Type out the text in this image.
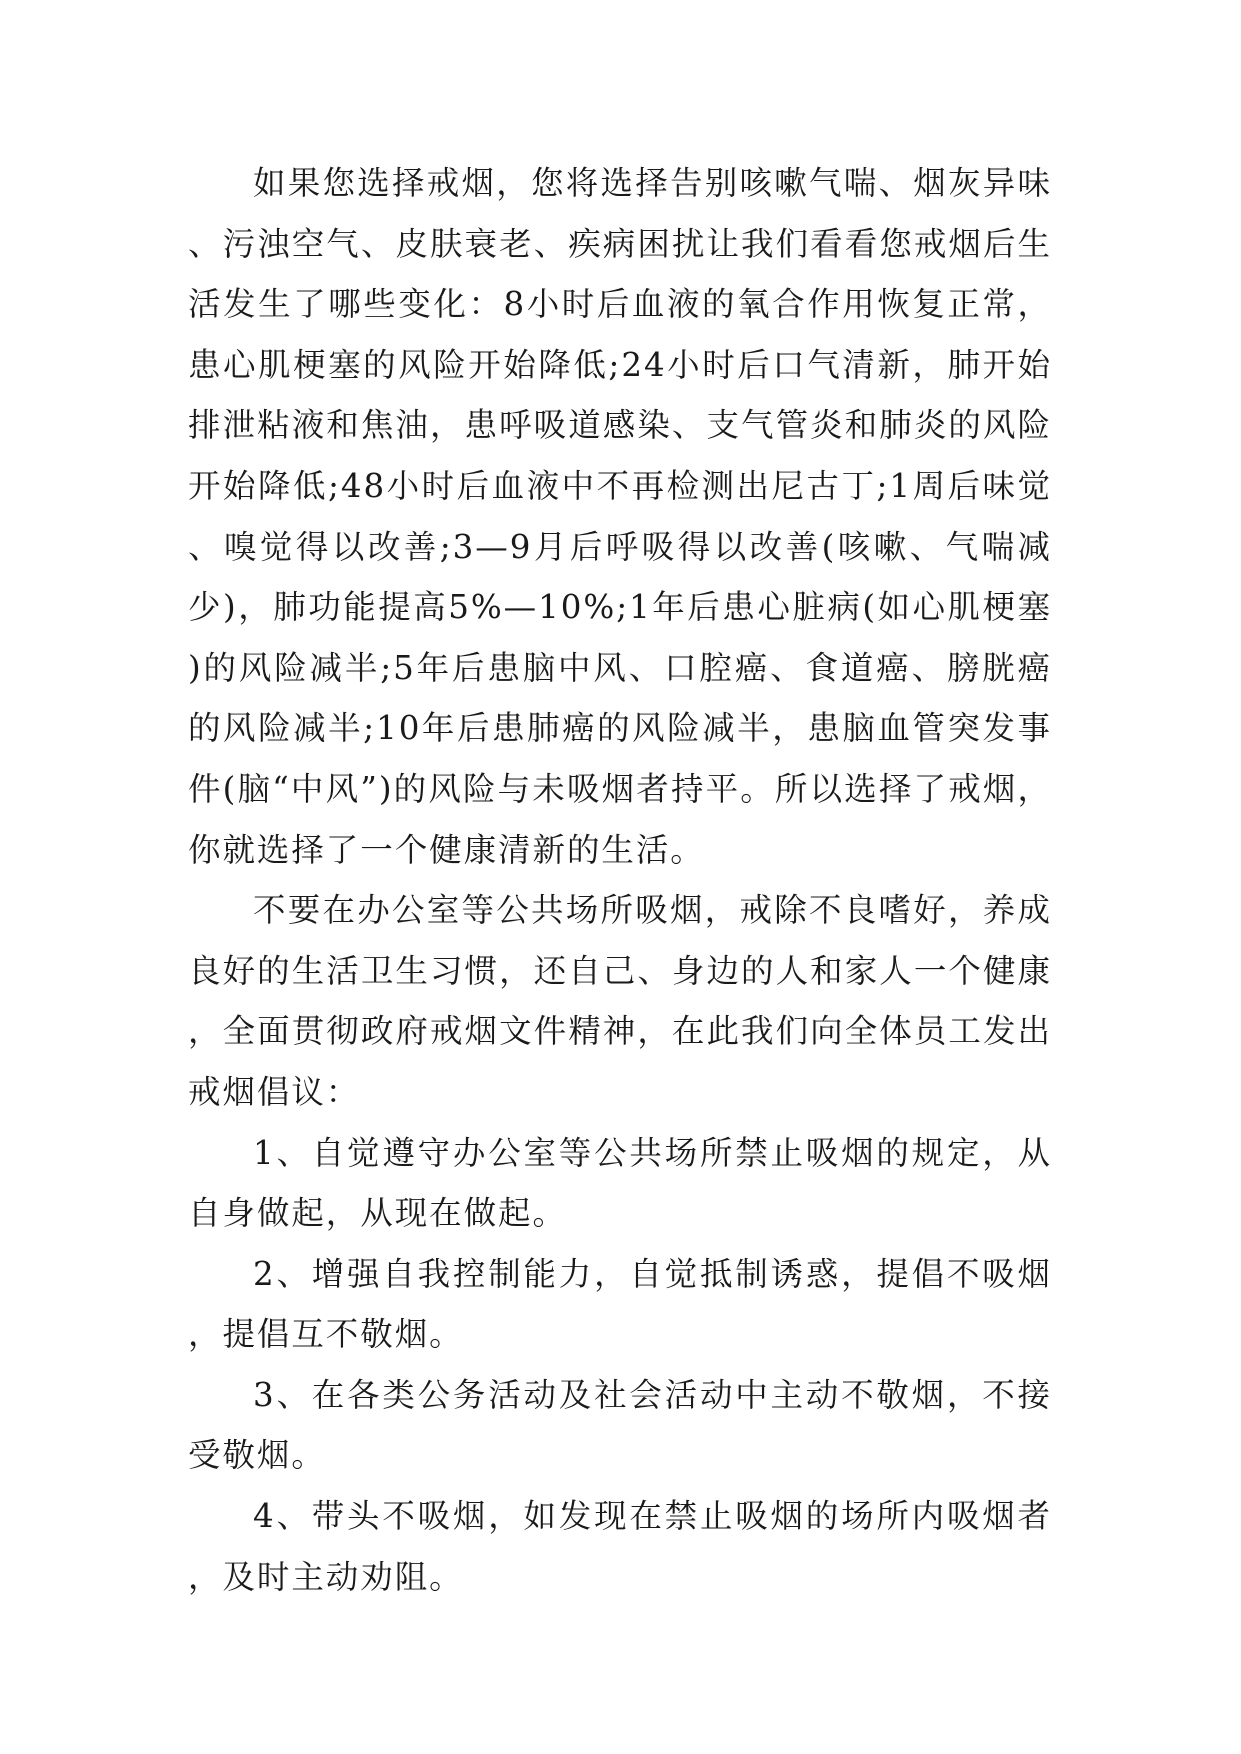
如果您选择戒烟，您将选择告别咳嗽气喘、烟灰异味、污浊空气、皮肤衰老、疾病困扰让我们看看您戒烟后生活发生了哪些变化：8小时后血液的氧合作用恢复正常，患心肌梗塞的风险开始降低;24小时后口气清新，肺开始排泄粘液和焦油，患呼吸道感染、支气管炎和肺炎的风险开始降低;48小时后血液中不再检测出尼古丁;1周后味觉、嗅觉得以改善;3—9月后呼吸得以改善(咳嗽、气喘减少)，肺功能提高5%—10%;1年后患心脏病(如心肌梗塞)的风险减半;5年后患脑中风、口腔癌、食道癌、膀胱癌的风险减半;10年后患肺癌的风险减半，患脑血管突发事件(脑“中风”)的风险与未吸烟者持平。所以选择了戒烟，你就选择了一个健康清新的生活。

不要在办公室等公共场所吸烟，戒除不良嗜好，养成良好的生活卫生习惯，还自己、身边的人和家人一个健康，全面贯彻政府戒烟文件精神，在此我们向全体员工发出戒烟倡议：

1、自觉遵守办公室等公共场所禁止吸烟的规定，从自身做起，从现在做起。

2、增强自我控制能力，自觉抵制诱惑，提倡不吸烟，提倡互不敬烟。

3、在各类公务活动及社会活动中主动不敬烟，不接受敬烟。

4、带头不吸烟，如发现在禁止吸烟的场所内吸烟者，及时主动劝阻。
